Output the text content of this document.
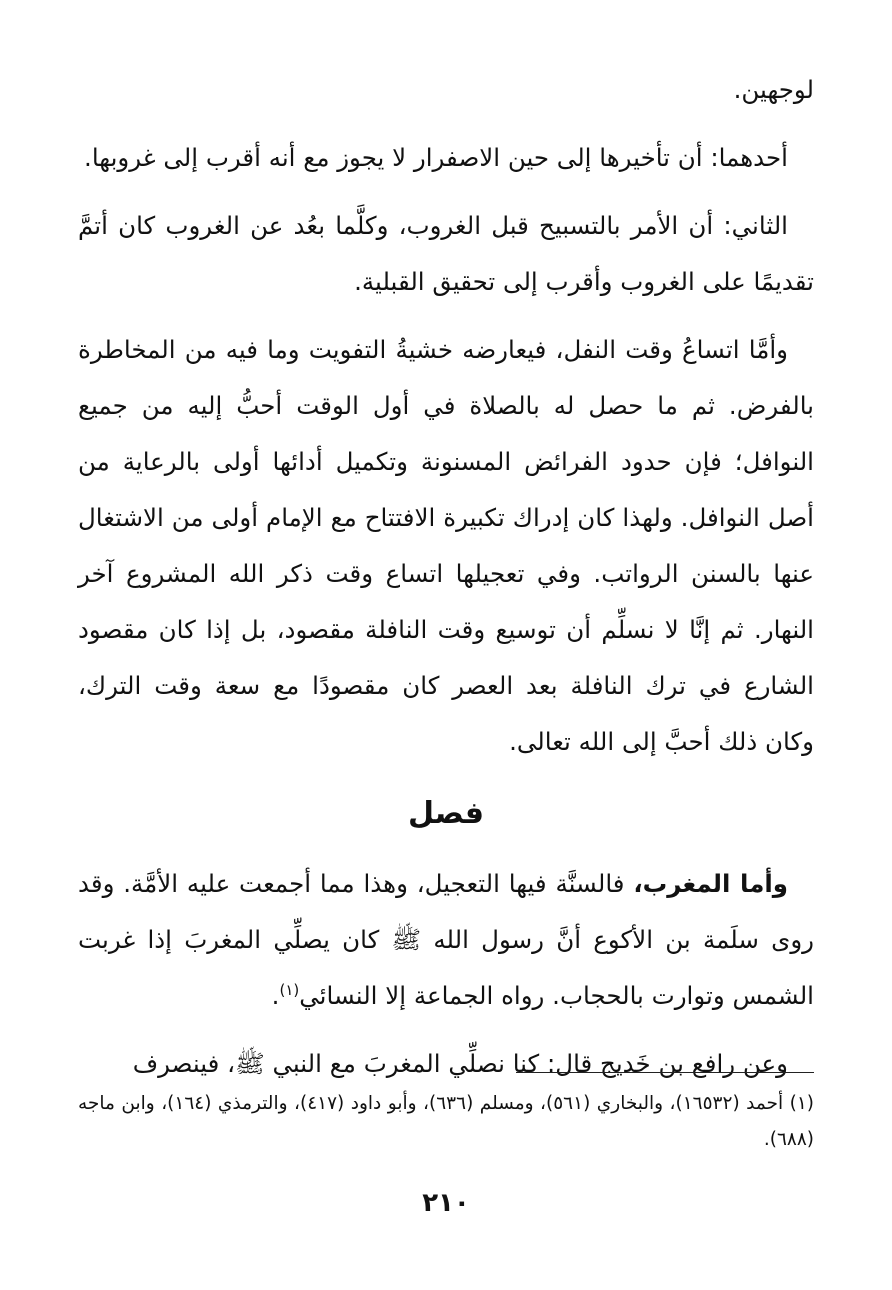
لوجهين.

أحدهما: أن تأخيرها إلى حين الاصفرار لا يجوز مع أنه أقرب إلى غروبها.

الثاني: أن الأمر بالتسبيح قبل الغروب، وكلَّما بعُد عن الغروب كان أتمَّ تقديمًا على الغروب وأقرب إلى تحقيق القبلية.

وأمَّا اتساعُ وقت النفل، فيعارضه خشيةُ التفويت وما فيه من المخاطرة بالفرض. ثم ما حصل له بالصلاة في أول الوقت أحبُّ إليه من جميع النوافل؛ فإن حدود الفرائض المسنونة وتكميل أدائها أولى بالرعاية من أصل النوافل. ولهذا كان إدراك تكبيرة الافتتاح مع الإمام أولى من الاشتغال عنها بالسنن الرواتب. وفي تعجيلها اتساع وقت ذكر الله المشروع آخر النهار. ثم إنَّا لا نسلِّم أن توسيع وقت النافلة مقصود، بل إذا كان مقصود الشارع في ترك النافلة بعد العصر كان مقصودًا مع سعة وقت الترك، وكان ذلك أحبَّ إلى الله تعالى.

فصل

وأما المغرب، فالسنَّة فيها التعجيل، وهذا مما أجمعت عليه الأمَّة. وقد روى سلَمة بن الأكوع أنَّ رسول الله ﷺ كان يصلِّي المغربَ إذا غربت الشمس وتوارت بالحجاب. رواه الجماعة إلا النسائي$^{(١)}$.

وعن رافع بن خَديج قال: كنا نصلِّي المغربَ مع النبي ﷺ، فينصرف

(١) أحمد (١٦٥٣٢)، والبخاري (٥٦١)، ومسلم (٦٣٦)، وأبو داود (٤١٧)، والترمذي (١٦٤)، وابن ماجه (٦٨٨).

٢١٠
